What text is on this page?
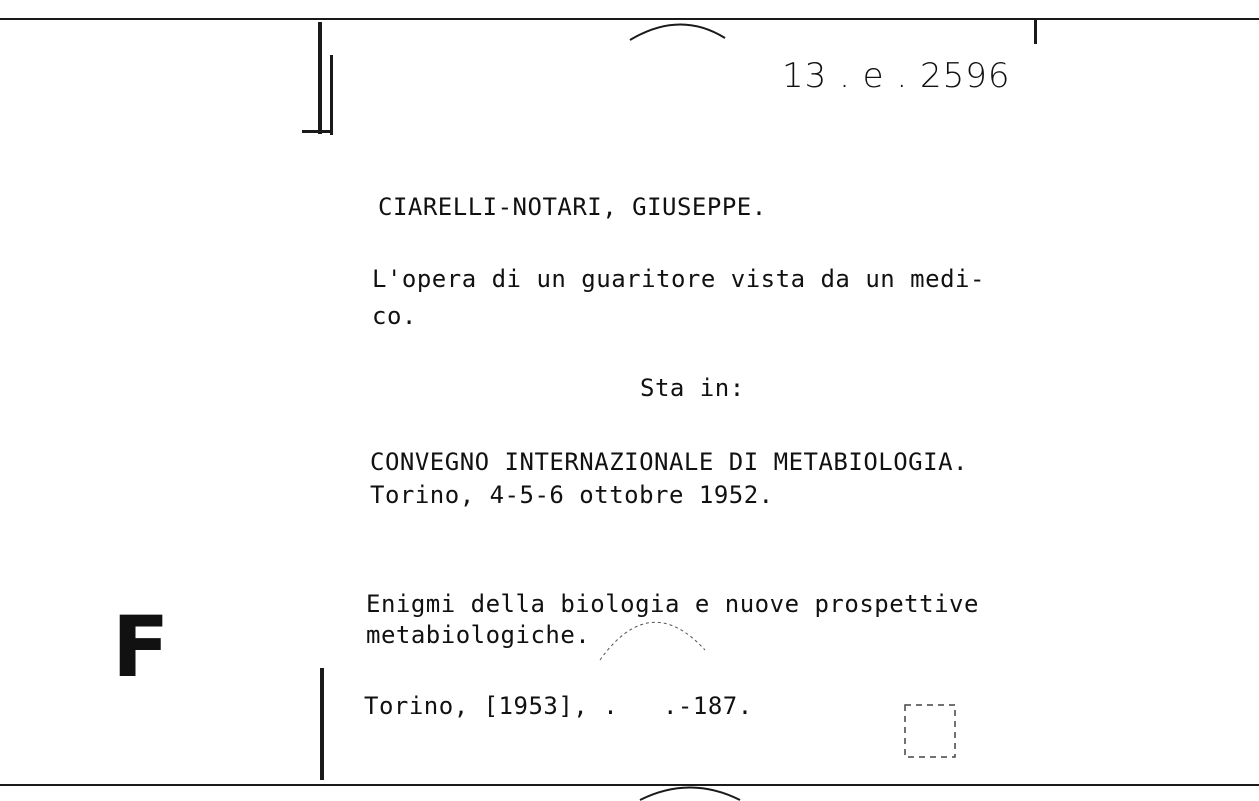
13 . e . 2596
CIARELLI-NOTARI, GIUSEPPE.
L'opera di un guaritore vista da un medi-
co.
Sta in:
CONVEGNO INTERNAZIONALE DI METABIOLOGIA.
Torino, 4-5-6 ottobre 1952.
Enigmi della biologia e nuove prospettive
metabiologiche.
Torino, [1953], .   .-187.
F
